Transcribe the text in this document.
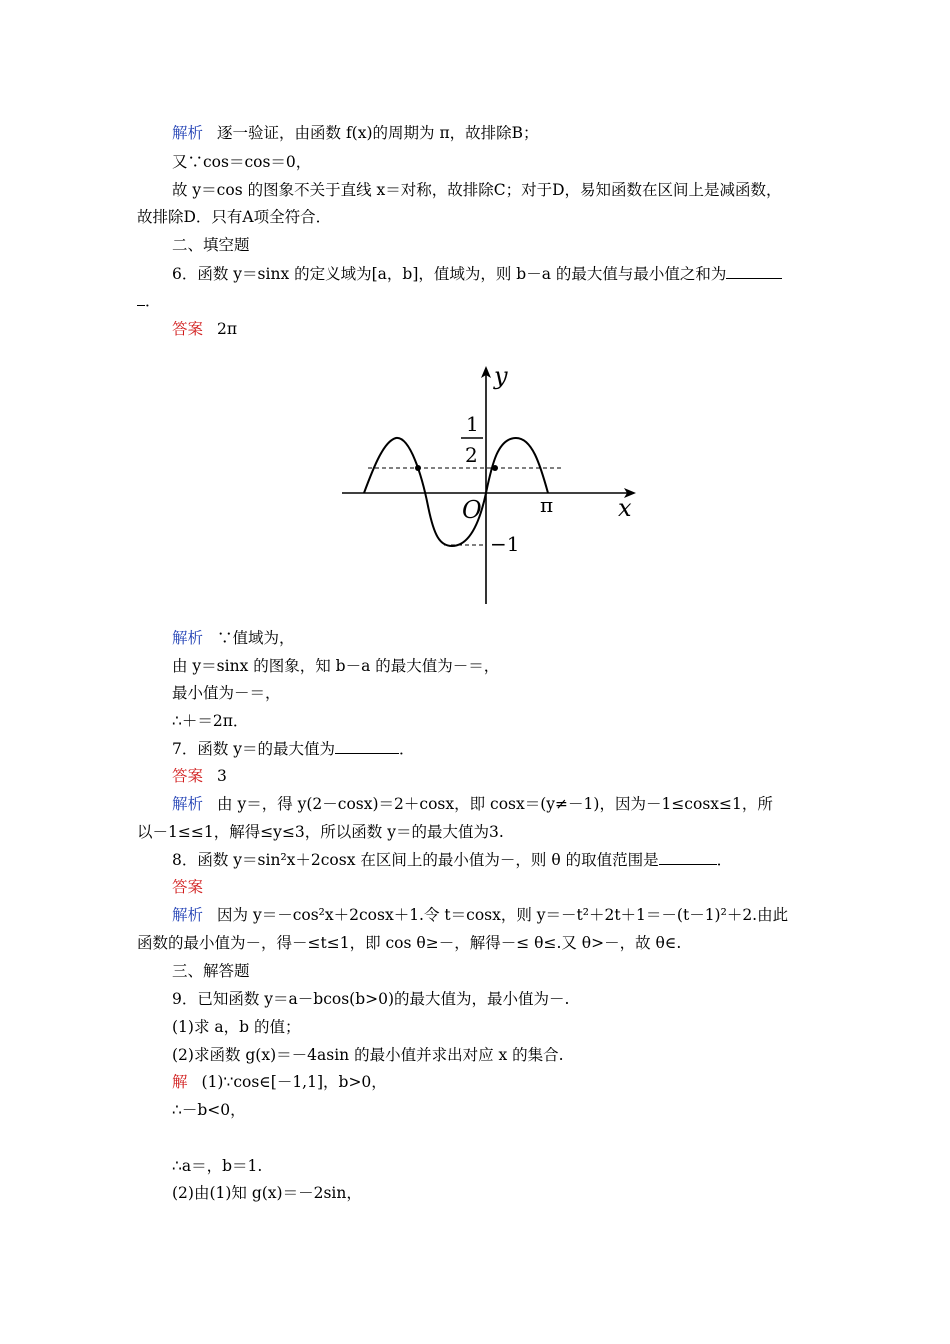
解析 逐一验证，由函数 f(x)的周期为 π，故排除B；
又∵cos＝cos＝0，
故 y＝cos 的图象不关于直线 x＝对称，故排除C；对于D，易知函数在区间上是减函数，
故排除D．只有A项全符合．
二、填空题
6．函数 y＝sinx 的定义域为[a，b]，值域为，则 b－a 的最大值与最小值之和为
．
答案 2π
y
x
O
1
2
π
−1
解析 ∵值域为，
由 y＝sinx 的图象，知 b－a 的最大值为－＝，
最小值为－＝，
∴＋＝2π．
7．函数 y＝的最大值为	．
答案 3
解析 由 y＝，得 y(2－cosx)＝2＋cosx，即 cosx＝(y≠－1)，因为－1≤cosx≤1，所
以－1≤≤1，解得≤y≤3，所以函数 y＝的最大值为3.
8．函数 y＝sin²x＋2cosx 在区间上的最小值为－，则 θ 的取值范围是	．
答案
解析 因为 y＝－cos²x＋2cosx＋1.令 t＝cosx，则 y＝－t²＋2t＋1＝－(t－1)²＋2.由此
函数的最小值为－，得－≤t≤1，即 cos θ≥－，解得－≤ θ≤.又 θ>－，故 θ∈.
三、解答题
9．已知函数 y＝a－bcos(b>0)的最大值为，最小值为－.
(1)求 a，b 的值；
(2)求函数 g(x)＝－4asin 的最小值并求出对应 x 的集合.
解 (1)∵cos∈[－1,1]，b>0，
∴－b<0，
∴a＝，b＝1.
(2)由(1)知 g(x)＝－2sin，
